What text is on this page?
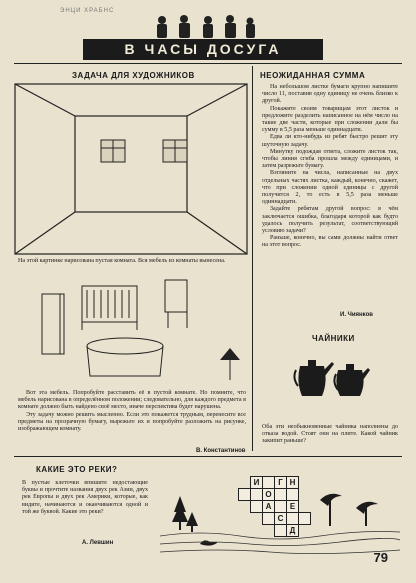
ЭНЦИ ХРАБНС
В ЧАСЫ ДОСУГА
ЗАДАЧА ДЛЯ ХУДОЖНИКОВ
На этой картинке нарисована пустая комната. Вся мебель из комнаты вынесена.

Вот эта мебель. Попробуйте расставить её в пустой комнате. Но помните, что мебель нарисована в определённом положении; следовательно, для каждого предмета в комнате должно быть найдено своё место, иначе перспектива будет нарушена.

Эту задачу можно решить мысленно. Если это покажется трудным, перенесите все предметы на прозрачную бумагу, вырежьте их и попробуйте разложить на рисунке, изображающем комнату.

В. Константинов
НЕОЖИДАННАЯ СУММА

На небольшом листке бумаги крупно напишите число 11, поставив одну единицу не очень близко к другой.

Покажите своим товарищам этот листок и предложите разделить написанное на нём число на такие две части, которые при сложении дали бы сумму в 5,5 раза меньше одиннадцати.

Едва ли кто-нибудь из ребят быстро решит эту шуточную задачу.

Минутку подождав ответа, сложите листок так, чтобы линия сгиба прошла между единицами, и затем разрежьте бумагу.

Взгляните на числа, написанные на двух отдельных частях листка, каждый, конечно, скажет, что при сложении одной единицы с другой получится 2, то есть в 5,5 раза меньше одиннадцати.

Задайте ребятам другой вопрос: в чём заключается ошибка, благодаря которой как будто удалось получить результат, соответствующий условию задачи?

Раньше, конечно, вы сами должны найти ответ на этот вопрос.

И. Чиянков
ЧАЙНИКИ
Оба эти необыкновенные чайника наполнены до отказа водой. Стоят они на плите. Какой чайник закипит раньше?
КАКИЕ ЭТО РЕКИ?
В пустые клеточки впишите недостающие буквы и прочтите названия двух рек Азии, двух рек Европы и двух рек Америки, которые, как видите, начинаются и оканчиваются одной и той же буквой. Какие это реки?
А. Левшин
И	Г Н
О
А	Е
С
Д
79
